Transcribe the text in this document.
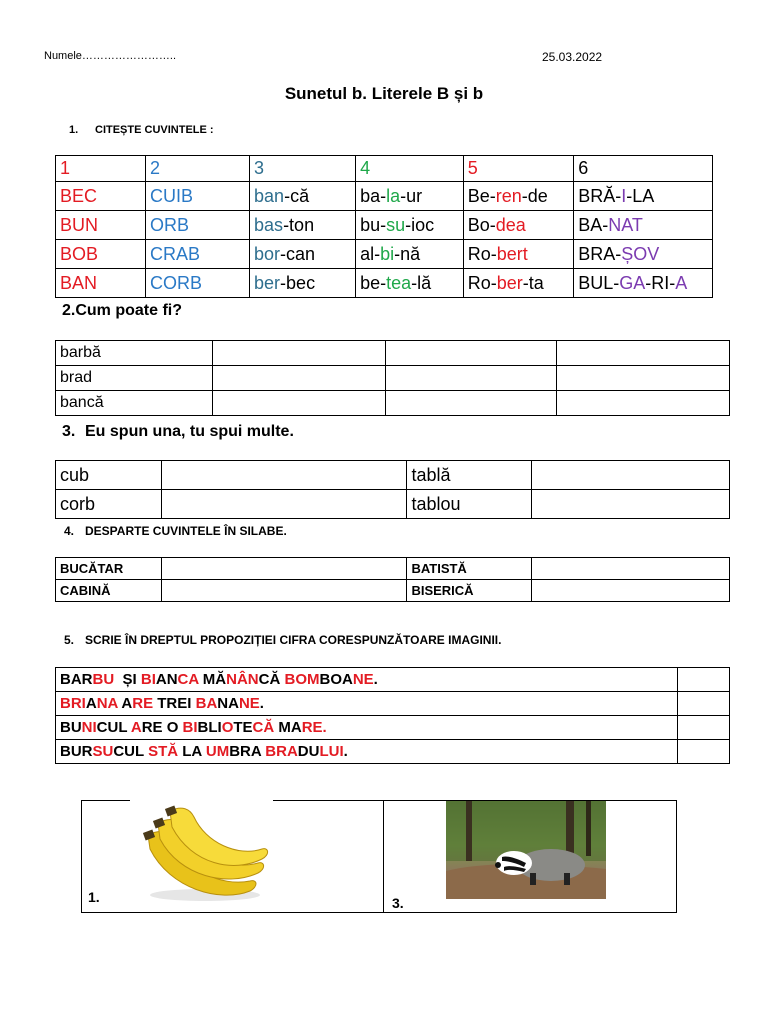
Numele……………………..	25.03.2022
Sunetul b. Literele B și b
1. CITEȘTE CUVINTELE :
1	2	3	4	5	6
BEC	CUIB	ban-că	ba-la-ur	Be-ren-de	BRĂ-I-LA
BUN	ORB	bas-ton	bu-su-ioc	Bo-dea	BA-NAT
BOB	CRAB	bor-can	al-bi-nă	Ro-bert	BRA-ȘOV
BAN	CORB	ber-bec	be-tea-lă	Ro-ber-ta	BUL-GA-RI-A
2.Cum poate fi?
barbă			
brad			
bancă			
3. Eu spun una, tu spui multe.
cub		tablă	
corb		tablou	
4. DESPARTE CUVINTELE ÎN SILABE.
BUCĂTAR		BATISTĂ	
CABINĂ		BISERICĂ	
5. SCRIE ÎN DREPTUL PROPOZIȚIEI CIFRA CORESPUNZĂTOARE IMAGINII.
BARBU  ȘI BIANCA MĂNÂNCĂ BOMBOANE.	
BRIANA ARE TREI BANANE.	
BUNICUL ARE O BIBLIOTECĂ MARE.	
BURSUCUL STĂ LA UMBRA BRADULUI.	
1.	3.
